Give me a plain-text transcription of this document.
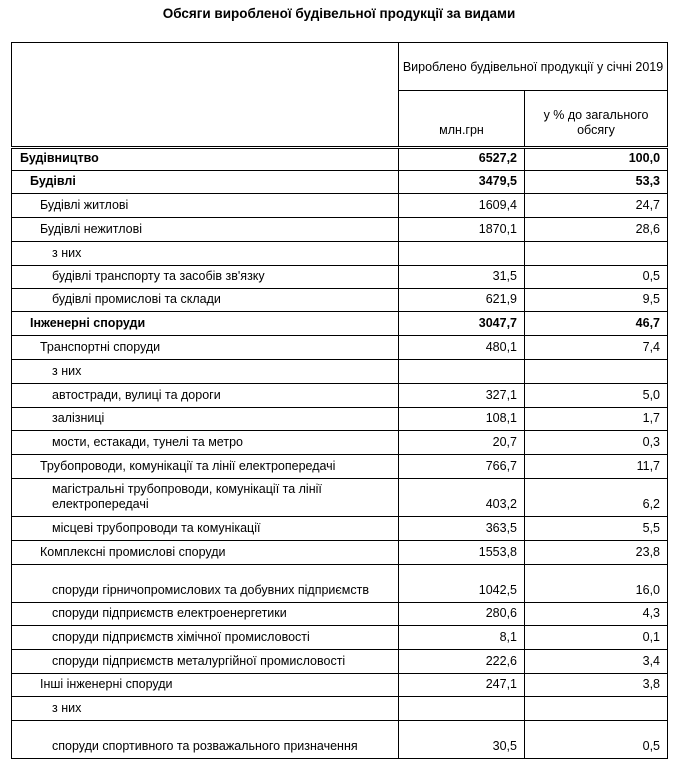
Обсяги виробленої будівельної продукції за видами
	Вироблено будівельної продукції у січні 2019	
	млн.грн	у % до загального обсягу
Будівництво	6527,2	100,0
Будівлі	3479,5	53,3
Будівлі житлові	1609,4	24,7
Будівлі нежитлові	1870,1	28,6
з них		
будівлі транспорту та засобів зв'язку	31,5	0,5
будівлі промислові та склади	621,9	9,5
Інженерні споруди	3047,7	46,7
Транспортні споруди	480,1	7,4
з них		
автостради, вулиці та дороги	327,1	5,0
залізниці	108,1	1,7
мости, естакади, тунелі та метро	20,7	0,3
Трубопроводи, комунікації та лінії електропередачі	766,7	11,7
магістральні трубопроводи, комунікації та лінії електропередачі	403,2	6,2
місцеві трубопроводи та комунікації	363,5	5,5
Комплексні промислові споруди	1553,8	23,8
споруди гірничопромислових та добувних підприємств	1042,5	16,0
споруди підприємств електроенергетики	280,6	4,3
споруди підприємств хімічної промисловості	8,1	0,1
споруди підприємств металургійної промисловості	222,6	3,4
Інші інженерні споруди	247,1	3,8
з них		
споруди спортивного та розважального призначення	30,5	0,5
